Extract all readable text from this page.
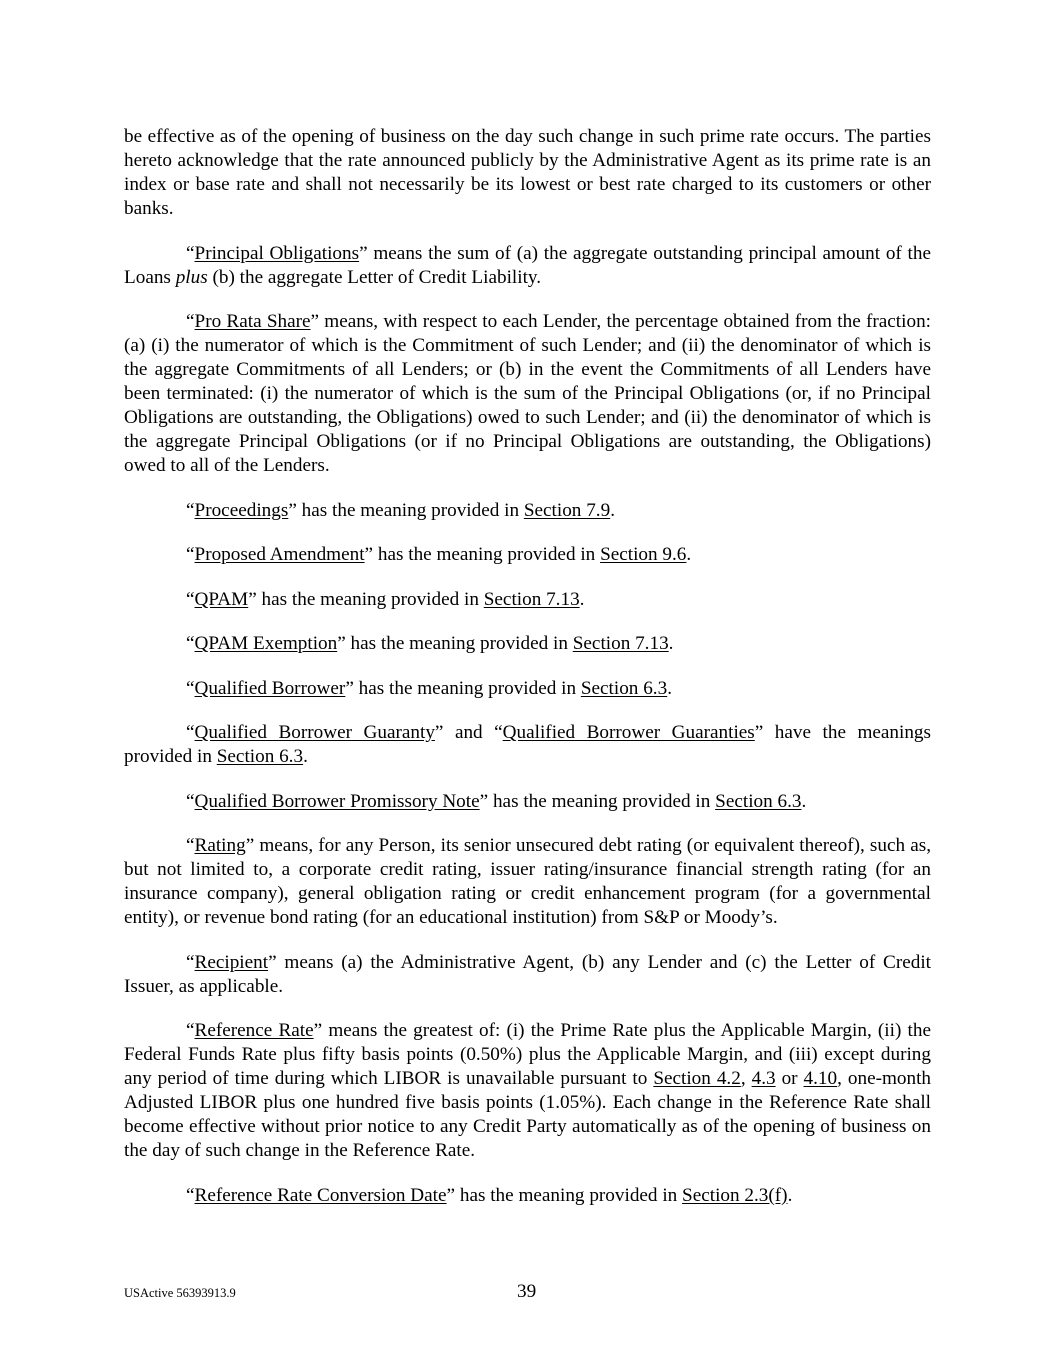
be effective as of the opening of business on the day such change in such prime rate occurs. The parties hereto acknowledge that the rate announced publicly by the Administrative Agent as its prime rate is an index or base rate and shall not necessarily be its lowest or best rate charged to its customers or other banks.

“Principal Obligations” means the sum of (a) the aggregate outstanding principal amount of the Loans plus (b) the aggregate Letter of Credit Liability.

“Pro Rata Share” means, with respect to each Lender, the percentage obtained from the fraction: (a) (i) the numerator of which is the Commitment of such Lender; and (ii) the denominator of which is the aggregate Commitments of all Lenders; or (b) in the event the Commitments of all Lenders have been terminated: (i) the numerator of which is the sum of the Principal Obligations (or, if no Principal Obligations are outstanding, the Obligations) owed to such Lender; and (ii) the denominator of which is the aggregate Principal Obligations (or if no Principal Obligations are outstanding, the Obligations) owed to all of the Lenders.

“Proceedings” has the meaning provided in Section 7.9.

“Proposed Amendment” has the meaning provided in Section 9.6.

“QPAM” has the meaning provided in Section 7.13.

“QPAM Exemption” has the meaning provided in Section 7.13.

“Qualified Borrower” has the meaning provided in Section 6.3.

“Qualified Borrower Guaranty” and “Qualified Borrower Guaranties” have the meanings provided in Section 6.3.

“Qualified Borrower Promissory Note” has the meaning provided in Section 6.3.

“Rating” means, for any Person, its senior unsecured debt rating (or equivalent thereof), such as, but not limited to, a corporate credit rating, issuer rating/insurance financial strength rating (for an insurance company), general obligation rating or credit enhancement program (for a governmental entity), or revenue bond rating (for an educational institution) from S&P or Moody’s.

“Recipient” means (a) the Administrative Agent, (b) any Lender and (c) the Letter of Credit Issuer, as applicable.

“Reference Rate” means the greatest of: (i) the Prime Rate plus the Applicable Margin, (ii) the Federal Funds Rate plus fifty basis points (0.50%) plus the Applicable Margin, and (iii) except during any period of time during which LIBOR is unavailable pursuant to Section 4.2, 4.3 or 4.10, one-month Adjusted LIBOR plus one hundred five basis points (1.05%). Each change in the Reference Rate shall become effective without prior notice to any Credit Party automatically as of the opening of business on the day of such change in the Reference Rate.

“Reference Rate Conversion Date” has the meaning provided in Section 2.3(f).

USActive 56393913.9	39
